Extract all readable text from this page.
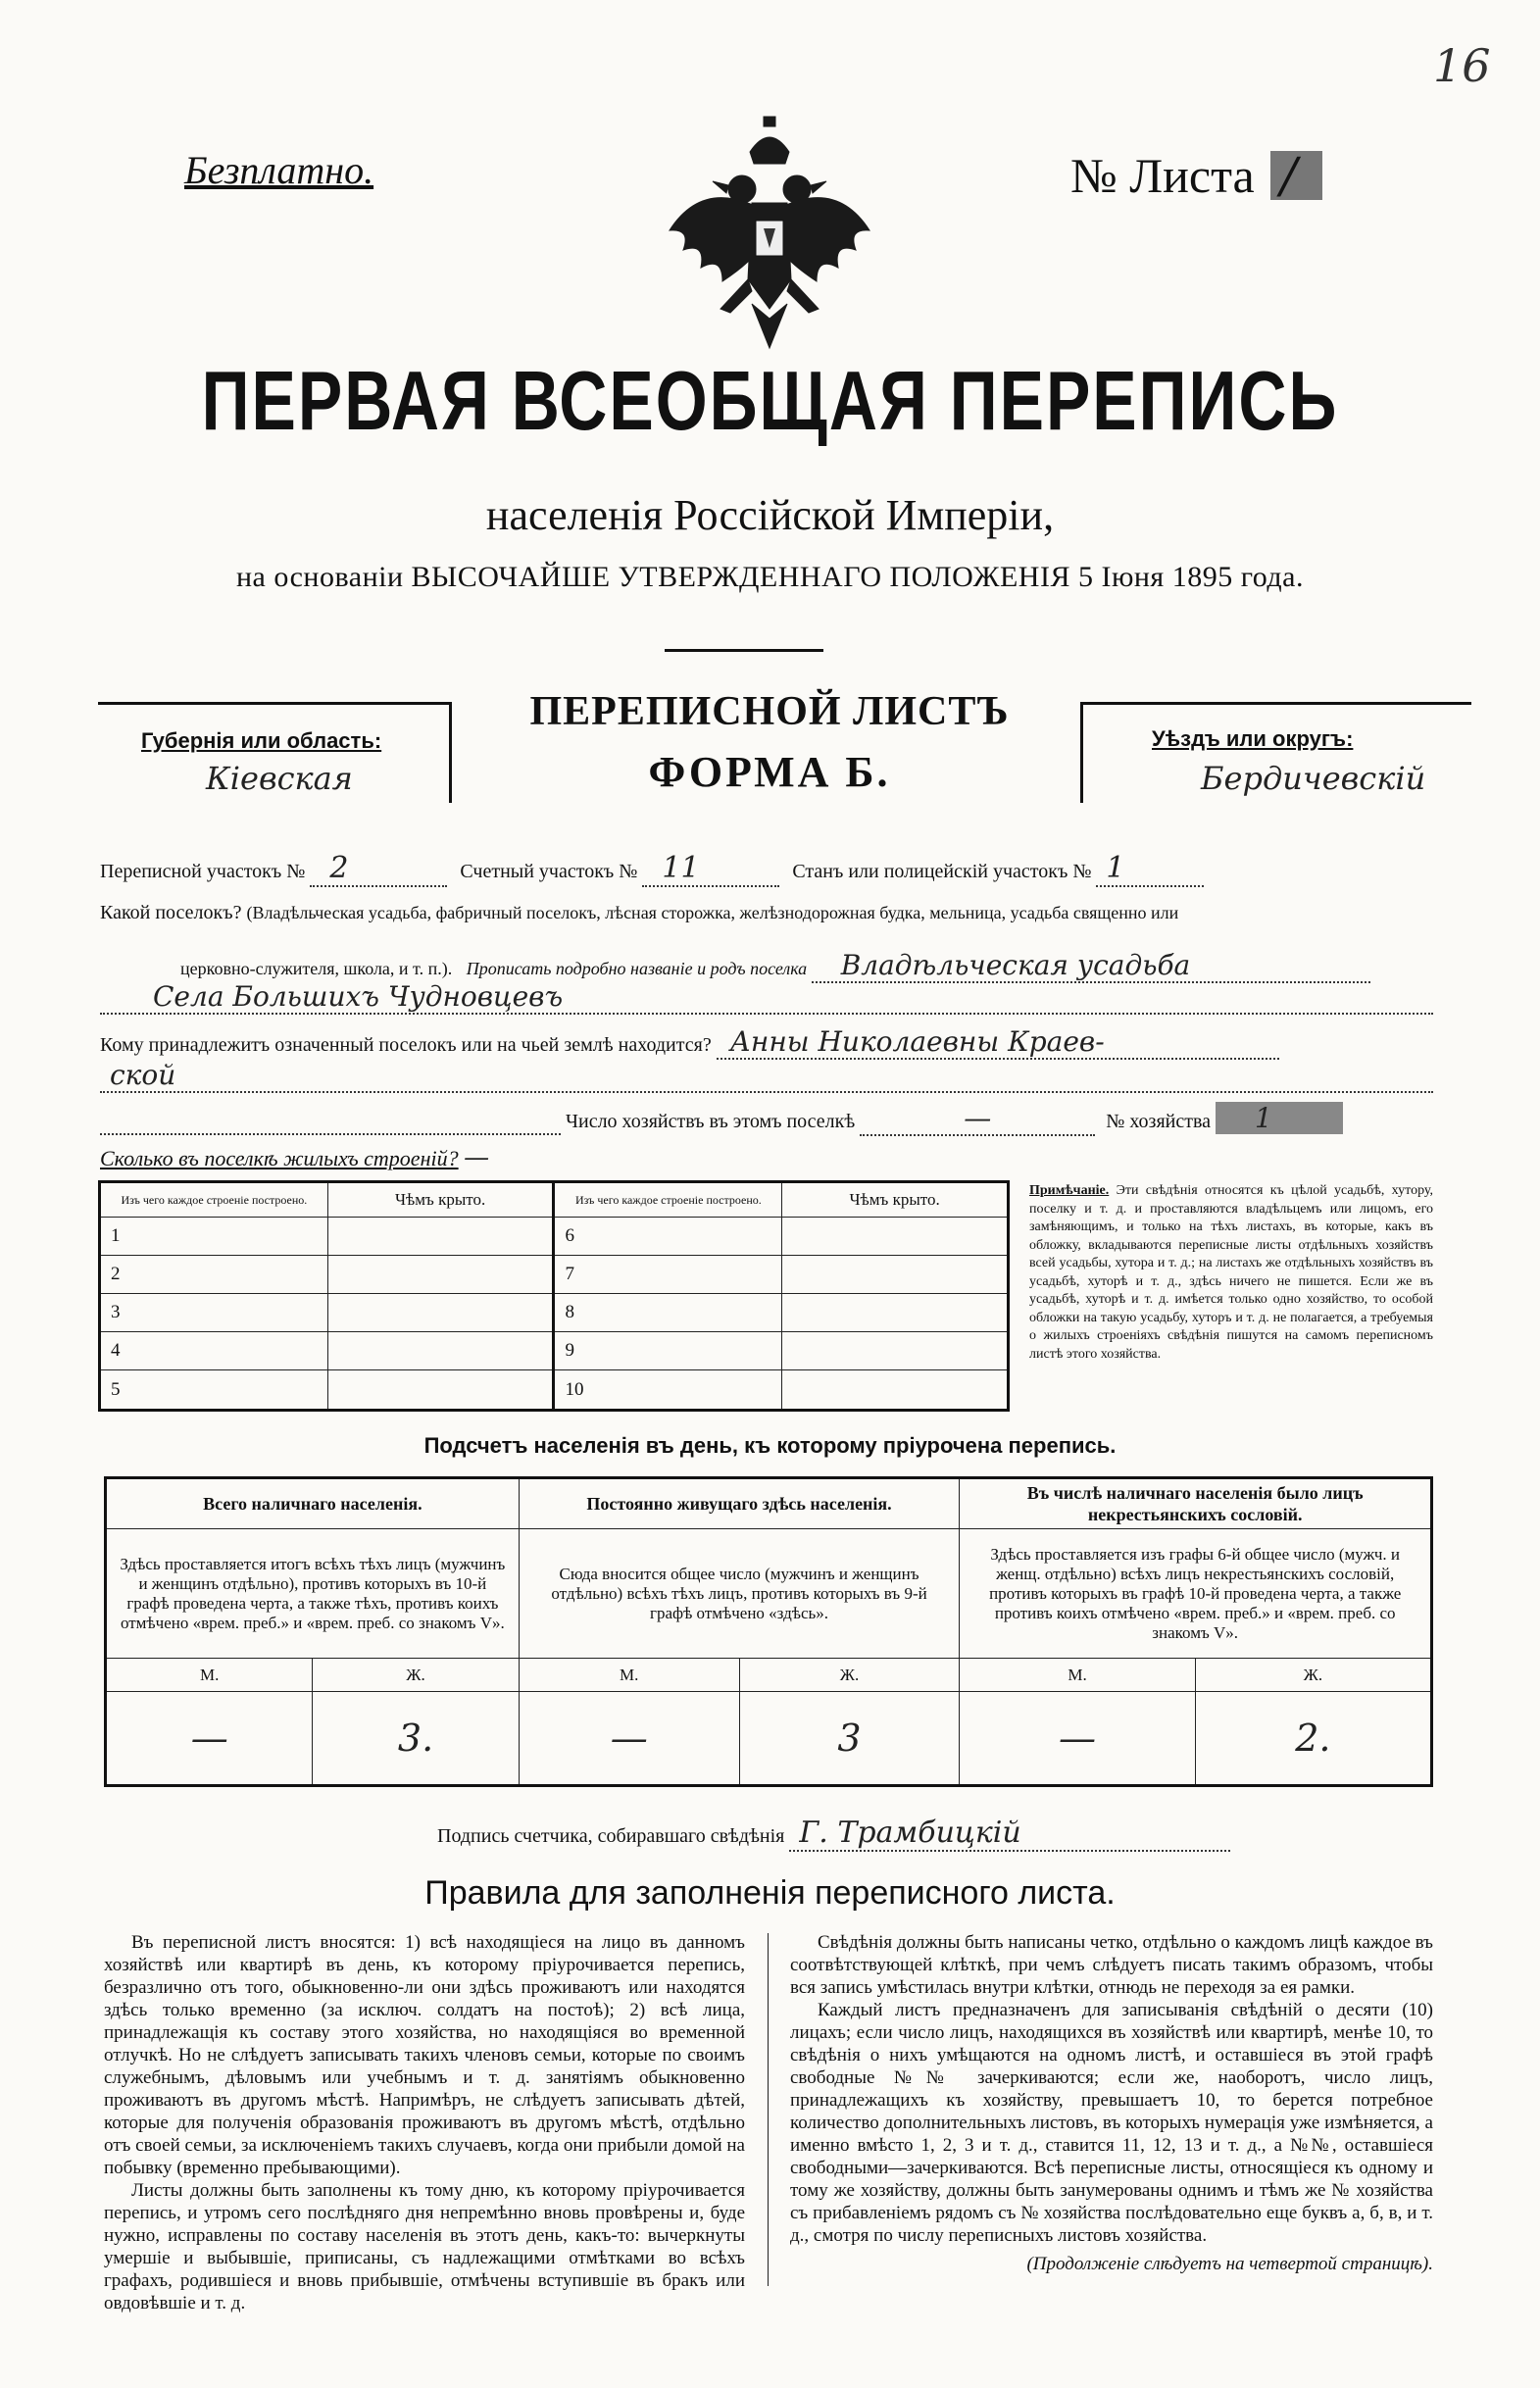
16
Безплатно.	№ Листа /
ПЕРВАЯ ВСЕОБЩАЯ ПЕРЕПИСЬ
населенія Россійской Имперіи,
на основаніи ВЫСОЧАЙШЕ УТВЕРЖДЕННАГО ПОЛОЖЕНІЯ 5 Іюня 1895 года.
Губернія или область:
Кіевская
ПЕРЕПИСНОЙ ЛИСТЪ
ФОРМА Б.
Уѣздъ или округъ:
Бердичевскій
Переписной участокъ № 2	Счетный участокъ № 11	Станъ или полицейскій участокъ № 1
Какой поселокъ? (Владѣльческая усадьба, фабричный поселокъ, лѣсная сторожка, желѣзнодорожная будка, мельница, усадьба священно или
церковно-служителя, школа, и т. п.). Прописать подробно названіе и родъ поселка Владѣльческая усадьба
Села Большихъ Чудновцевъ
Кому принадлежитъ означенный поселокъ или на чьей землѣ находится? Анны Николаевны Краев-
ской
Число хозяйствъ въ этомъ поселкѣ	—	№ хозяйства 1
Сколько въ поселкѣ жилыхъ строеній? —
Изъ чего каждое строеніе построено.	Чѣмъ крыто.	Изъ чего каждое строеніе построено.	Чѣмъ крыто.
1		6	
2		7	
3		8	
4		9	
5		10	
Примѣчаніе. Эти свѣдѣнія относятся къ цѣлой усадьбѣ, хутору, поселку и т. д. и проставляются владѣльцемъ или лицомъ, его замѣняющимъ, и только на тѣхъ листахъ, въ которые, какъ въ обложку, вкладываются переписные листы отдѣльныхъ хозяйствъ всей усадьбы, хутора и т. д.; на листахъ же отдѣльныхъ хозяйствъ въ усадьбѣ, хуторѣ и т. д., здѣсь ничего не пишется. Если же въ усадьбѣ, хуторѣ и т. д. имѣется только одно хозяйство, то особой обложки на такую усадьбу, хуторъ и т. д. не полагается, а требуемыя о жилыхъ строеніяхъ свѣдѣнія пишутся на самомъ переписномъ листѣ этого хозяйства.
Подсчетъ населенія въ день, къ которому пріурочена перепись.
Всего наличнаго населенія.		Постоянно живущаго здѣсь населенія.		Въ числѣ наличнаго населенія было лицъ некрестьянскихъ сословій.	
Здѣсь проставляется итогъ всѣхъ тѣхъ лицъ (мужчинъ и женщинъ отдѣльно), противъ которыхъ въ 10-й графѣ проведена черта, а также тѣхъ, противъ коихъ отмѣчено «врем. преб.» и «врем. преб. со знакомъ V».		Сюда вносится общее число (мужчинъ и женщинъ отдѣльно) всѣхъ тѣхъ лицъ, противъ которыхъ въ 9-й графѣ отмѣчено «здѣсь».		Здѣсь проставляется изъ графы 6-й общее число (мужч. и женщ. отдѣльно) всѣхъ лицъ некрестьянскихъ сословій, противъ которыхъ въ графѣ 10-й проведена черта, а также противъ коихъ отмѣчено «врем. преб.» и «врем. преб. со знакомъ V».	
М.	Ж.	М.	Ж.	М.	Ж.
—	3.	—	3	—	2.
Подпись счетчика, собиравшаго свѣдѣнія Г. Трамбицкій
Правила для заполненія переписного листа.

Въ переписной листъ вносятся: 1) всѣ находящіеся на лицо въ данномъ хозяйствѣ или квартирѣ въ день, къ которому пріурочивается перепись, безразлично отъ того, обыкновенно-ли они здѣсь проживаютъ или находятся здѣсь только временно (за исключ. солдатъ на постоѣ); 2) всѣ лица, принадлежащія къ составу этого хозяйства, но находящіяся во временной отлучкѣ. Но не слѣдуетъ записывать такихъ членовъ семьи, которые по своимъ служебнымъ, дѣловымъ или учебнымъ и т. д. занятіямъ обыкновенно проживаютъ въ другомъ мѣстѣ. Напримѣръ, не слѣдуетъ записывать дѣтей, которые для полученія образованія проживаютъ въ другомъ мѣстѣ, отдѣльно отъ своей семьи, за исключеніемъ такихъ случаевъ, когда они прибыли домой на побывку (временно пребывающими).

Листы должны быть заполнены къ тому дню, къ которому пріурочивается перепись, и утромъ сего послѣдняго дня непремѣнно вновь провѣрены и, буде нужно, исправлены по составу населенія въ этотъ день, какъ-то: вычеркнуты умершіе и выбывшіе, приписаны, съ надлежащими отмѣтками во всѣхъ графахъ, родившіеся и вновь прибывшіе, отмѣчены вступившіе въ бракъ или овдовѣвшіе и т. д.

Свѣдѣнія должны быть написаны четко, отдѣльно о каждомъ лицѣ каждое въ соотвѣтствующей клѣткѣ, при чемъ слѣдуетъ писать такимъ образомъ, чтобы вся запись умѣстилась внутри клѣтки, отнюдь не переходя за ея рамки.

Каждый листъ предназначенъ для записыванія свѣдѣній о десяти (10) лицахъ; если число лицъ, находящихся въ хозяйствѣ или квартирѣ, менѣе 10, то свѣдѣнія о нихъ умѣщаются на одномъ листѣ, и оставшіеся въ этой графѣ свободные №№ зачеркиваются; если же, наоборотъ, число лицъ, принадлежащихъ къ хозяйству, превышаетъ 10, то берется потребное количество дополнительныхъ листовъ, въ которыхъ нумерація уже измѣняется, а именно вмѣсто 1, 2, 3 и т. д., ставится 11, 12, 13 и т. д., а №№, оставшіеся свободными—зачеркиваются. Всѣ переписные листы, относящіеся къ одному и тому же хозяйству, должны быть занумерованы однимъ и тѣмъ же № хозяйства съ прибавленіемъ рядомъ съ № хозяйства послѣдовательно еще буквъ а, б, в, и т. д., смотря по числу переписныхъ листовъ хозяйства.

(Продолженіе слѣдуетъ на четвертой страницѣ).
